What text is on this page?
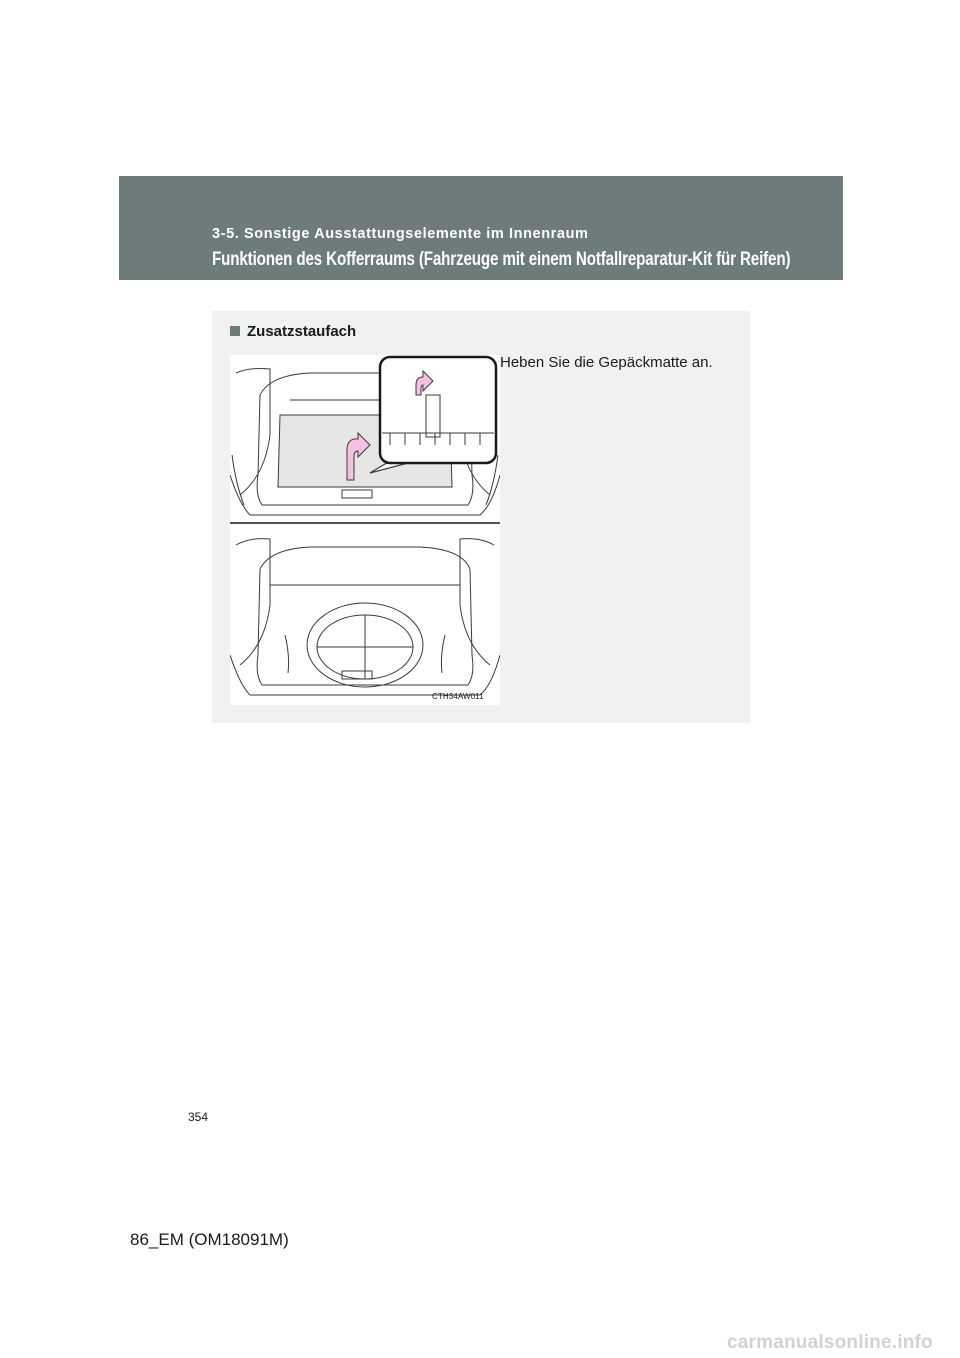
3-5. Sonstige Ausstattungselemente im Innenraum
Funktionen des Kofferraums (Fahrzeuge mit einem Notfallreparatur-Kit für Reifen)
Zusatzstaufach
Heben Sie die Gepäckmatte an.
CTH34AW011
354
86_EM (OM18091M)
carmanualsonline.info
